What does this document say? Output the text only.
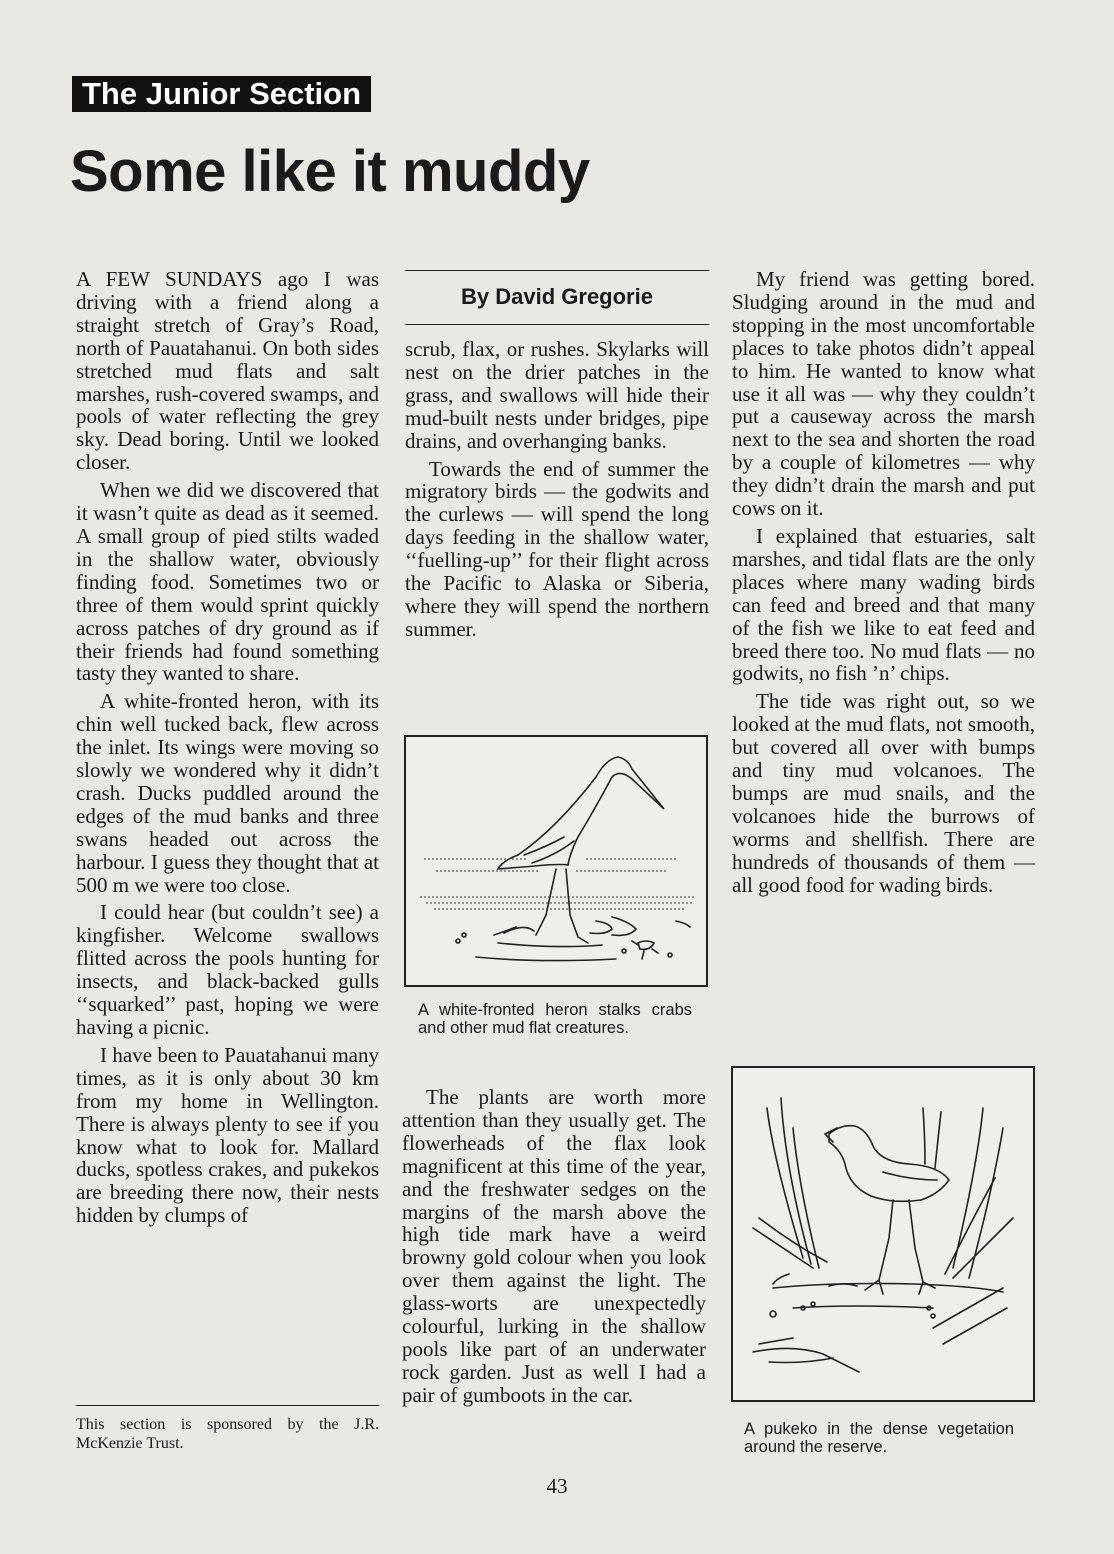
The Junior Section
Some like it muddy

A FEW SUNDAYS ago I was driving with a friend along a straight stretch of Gray’s Road, north of Pauatahanui. On both sides stretched mud flats and salt marshes, rush-covered swamps, and pools of water reflecting the grey sky. Dead boring. Until we looked closer.

When we did we discovered that it wasn’t quite as dead as it seemed. A small group of pied stilts waded in the shallow water, obviously finding food. Sometimes two or three of them would sprint quickly across patches of dry ground as if their friends had found something tasty they wanted to share.

A white-fronted heron, with its chin well tucked back, flew across the inlet. Its wings were moving so slowly we wondered why it didn’t crash. Ducks puddled around the edges of the mud banks and three swans headed out across the harbour. I guess they thought that at 500 m we were too close.

I could hear (but couldn’t see) a kingfisher. Welcome swallows flitted across the pools hunting for insects, and black-backed gulls ‘‘squarked’’ past, hoping we were having a picnic.

I have been to Pauatahanui many times, as it is only about 30 km from my home in Wellington. There is always plenty to see if you know what to look for. Mallard ducks, spotless crakes, and pukekos are breeding there now, their nests hidden by clumps of

This section is sponsored by the J.R. McKenzie Trust.
By David Gregorie

scrub, flax, or rushes. Skylarks will nest on the drier patches in the grass, and swallows will hide their mud-built nests under bridges, pipe drains, and overhanging banks.

Towards the end of summer the migratory birds — the godwits and the curlews — will spend the long days feeding in the shallow water, ‘‘fuelling-up’’ for their flight across the Pacific to Alaska or Siberia, where they will spend the northern summer.

A white-fronted heron stalks crabs and other mud flat creatures.

The plants are worth more attention than they usually get. The flowerheads of the flax look magnificent at this time of the year, and the freshwater sedges on the margins of the marsh above the high tide mark have a weird browny gold colour when you look over them against the light. The glass-worts are unexpectedly colourful, lurking in the shallow pools like part of an underwater rock garden. Just as well I had a pair of gumboots in the car.

My friend was getting bored. Sludging around in the mud and stopping in the most uncomfortable places to take photos didn’t appeal to him. He wanted to know what use it all was — why they couldn’t put a causeway across the marsh next to the sea and shorten the road by a couple of kilometres — why they didn’t drain the marsh and put cows on it.

I explained that estuaries, salt marshes, and tidal flats are the only places where many wading birds can feed and breed and that many of the fish we like to eat feed and breed there too. No mud flats — no godwits, no fish ’n’ chips.

The tide was right out, so we looked at the mud flats, not smooth, but covered all over with bumps and tiny mud volcanoes. The bumps are mud snails, and the volcanoes hide the burrows of worms and shellfish. There are hundreds of thousands of them — all good food for wading birds.

A pukeko in the dense vegetation around the reserve.
43
